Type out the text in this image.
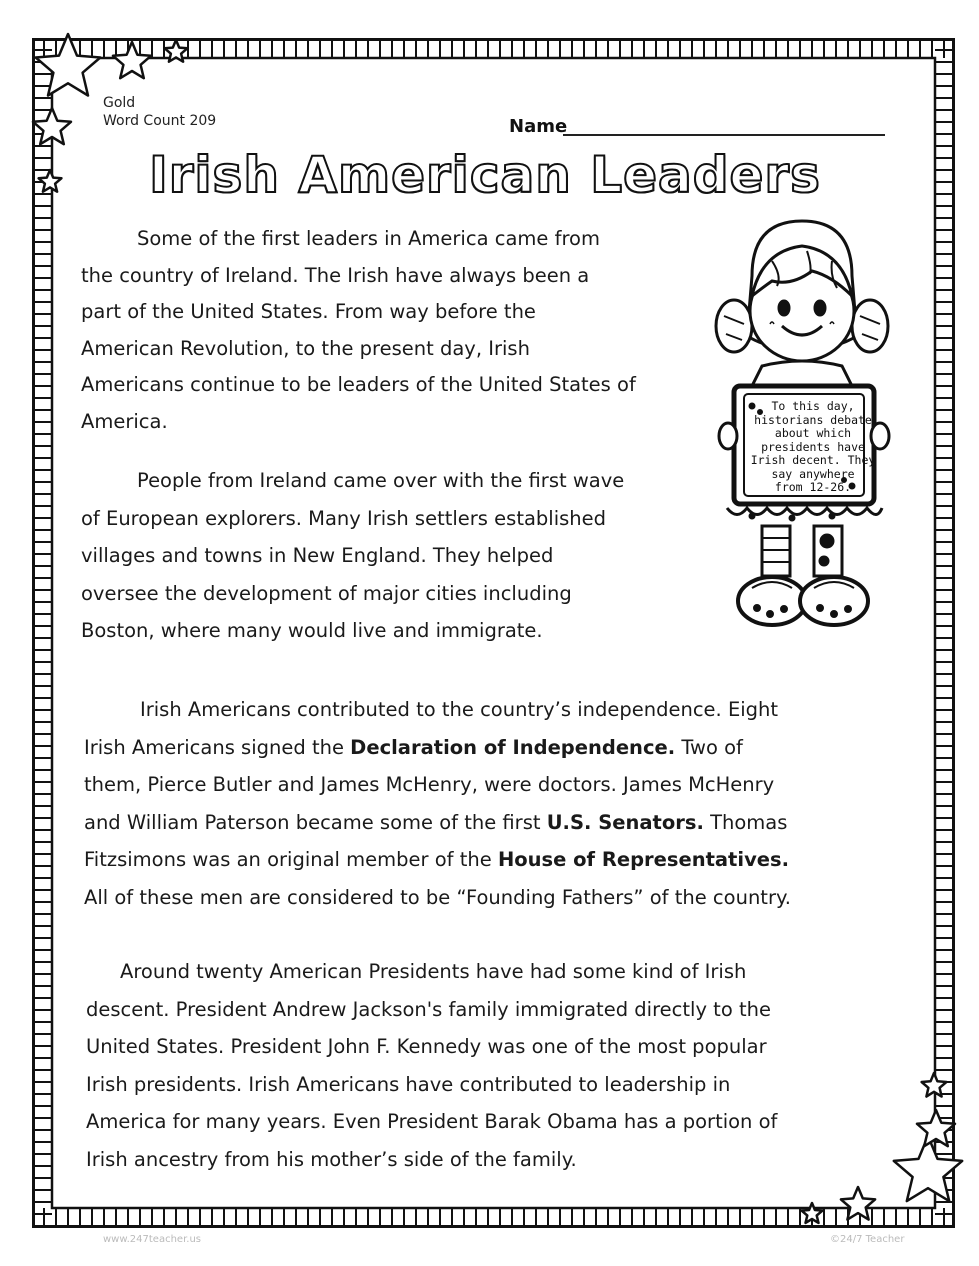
Gold
Word Count 209	Name
Irish American Leaders
Some of the first leaders in America came from
the country of Ireland. The Irish have always been a
part of the United States. From way before the
American Revolution, to the present day, Irish
Americans continue to be leaders of the United States of
America.
People from Ireland came over with the first wave
of European explorers. Many Irish settlers established
villages and towns in New England. They helped
oversee the development of major cities including
Boston, where many would live and immigrate.
Irish Americans contributed to the country’s independence. Eight
Irish Americans signed the Declaration of Independence. Two of
them, Pierce Butler and James McHenry, were doctors. James McHenry
and William Paterson became some of the first U.S. Senators. Thomas
Fitzsimons was an original member of the House of Representatives.
All of these men are considered to be “Founding Fathers” of the country.
Around twenty American Presidents have had some kind of Irish
descent. President Andrew Jackson's family immigrated directly to the
United States. President John F. Kennedy was one of the most popular
Irish presidents. Irish Americans have contributed to leadership in
America for many years. Even President Barak Obama has a portion of
Irish ancestry from his mother’s side of the family.
To this day,
historians debate
about which
presidents have
Irish decent. They
say anywhere
from 12-26.
www.247teacher.us	©24/7 Teacher
